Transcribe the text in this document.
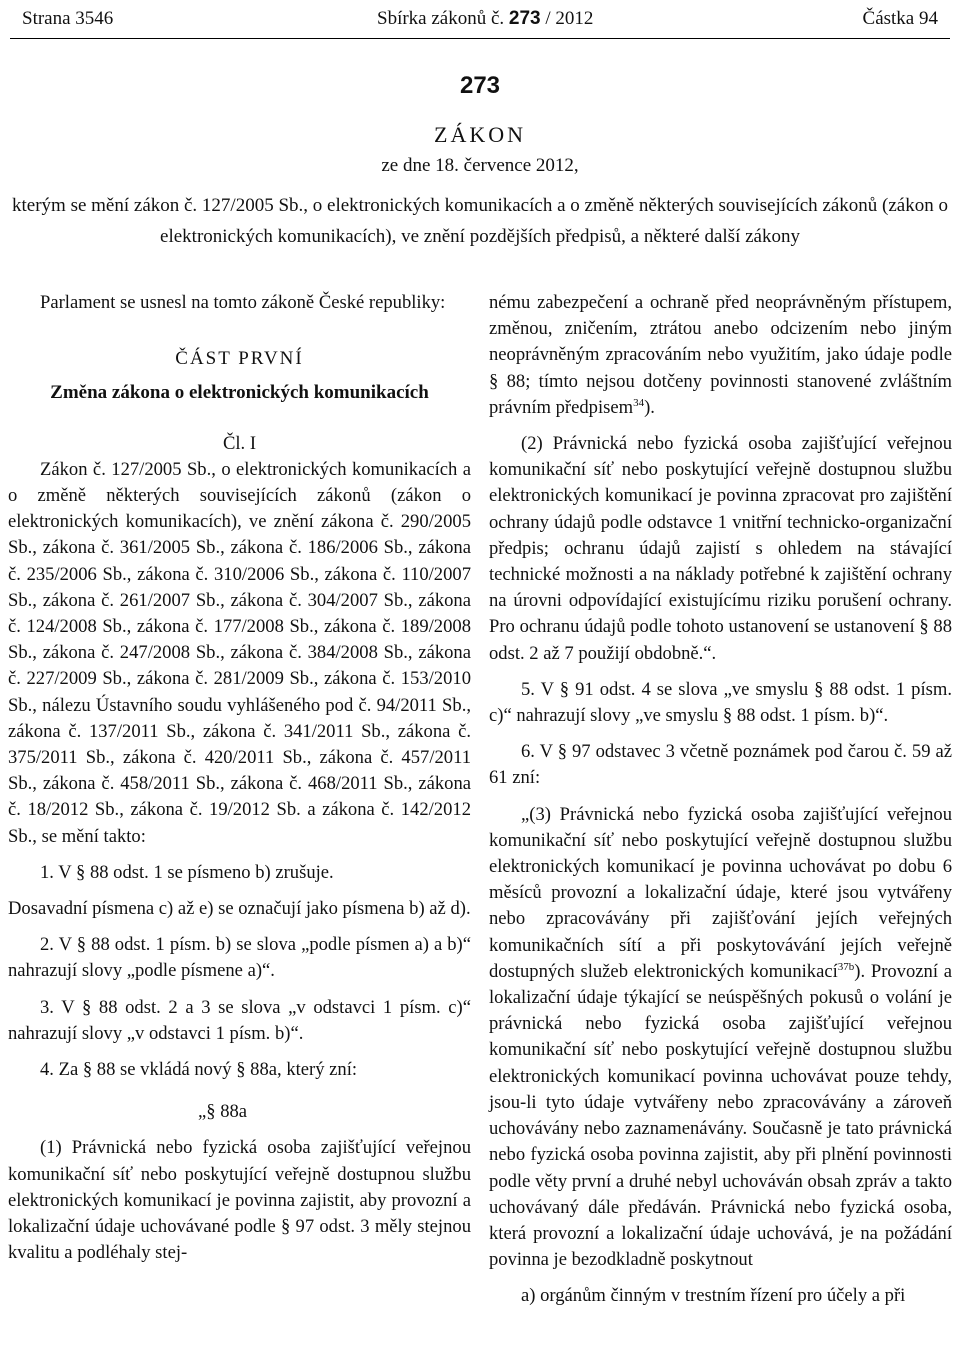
Strana 3546	Sbírka zákonů č. 273 / 2012	Částka 94
273
ZÁKON
ze dne 18. července 2012,
kterým se mění zákon č. 127/2005 Sb., o elektronických komunikacích a o změně některých souvisejících zákonů (zákon o elektronických komunikacích), ve znění pozdějších předpisů, a některé další zákony

Parlament se usnesl na tomto zákoně České republiky:

ČÁST PRVNÍ

Změna zákona o elektronických komunikacích

Čl. I

Zákon č. 127/2005 Sb., o elektronických komunikacích a o změně některých souvisejících zákonů (zákon o elektronických komunikacích), ve znění zákona č. 290/2005 Sb., zákona č. 361/2005 Sb., zákona č. 186/2006 Sb., zákona č. 235/2006 Sb., zákona č. 310/2006 Sb., zákona č. 110/2007 Sb., zákona č. 261/2007 Sb., zákona č. 304/2007 Sb., zákona č. 124/2008 Sb., zákona č. 177/2008 Sb., zákona č. 189/2008 Sb., zákona č. 247/2008 Sb., zákona č. 384/2008 Sb., zákona č. 227/2009 Sb., zákona č. 281/2009 Sb., zákona č. 153/2010 Sb., nálezu Ústavního soudu vyhlášeného pod č. 94/2011 Sb., zákona č. 137/2011 Sb., zákona č. 341/2011 Sb., zákona č. 375/2011 Sb., zákona č. 420/2011 Sb., zákona č. 457/2011 Sb., zákona č. 458/2011 Sb., zákona č. 468/2011 Sb., zákona č. 18/2012 Sb., zákona č. 19/2012 Sb. a zákona č. 142/2012 Sb., se mění takto:

1. V § 88 odst. 1 se písmeno b) zrušuje.

Dosavadní písmena c) až e) se označují jako písmena b) až d).

2. V § 88 odst. 1 písm. b) se slova „podle písmen a) a b)“ nahrazují slovy „podle písmene a)“.

3. V § 88 odst. 2 a 3 se slova „v odstavci 1 písm. c)“ nahrazují slovy „v odstavci 1 písm. b)“.

4. Za § 88 se vkládá nový § 88a, který zní:

„§ 88a

(1) Právnická nebo fyzická osoba zajišťující veřejnou komunikační síť nebo poskytující veřejně dostupnou službu elektronických komunikací je povinna zajistit, aby provozní a lokalizační údaje uchovávané podle § 97 odst. 3 měly stejnou kvalitu a podléhaly stej-

nému zabezpečení a ochraně před neoprávněným přístupem, změnou, zničením, ztrátou anebo odcizením nebo jiným neoprávněným zpracováním nebo využitím, jako údaje podle § 88; tímto nejsou dotčeny povinnosti stanovené zvláštním právním předpisem$^{34}$).

(2) Právnická nebo fyzická osoba zajišťující veřejnou komunikační síť nebo poskytující veřejně dostupnou službu elektronických komunikací je povinna zpracovat pro zajištění ochrany údajů podle odstavce 1 vnitřní technicko-organizační předpis; ochranu údajů zajistí s ohledem na stávající technické možnosti a na náklady potřebné k zajištění ochrany na úrovni odpovídající existujícímu riziku porušení ochrany. Pro ochranu údajů podle tohoto ustanovení se ustanovení § 88 odst. 2 až 7 použijí obdobně.“.

5. V § 91 odst. 4 se slova „ve smyslu § 88 odst. 1 písm. c)“ nahrazují slovy „ve smyslu § 88 odst. 1 písm. b)“.

6. V § 97 odstavec 3 včetně poznámek pod čarou č. 59 až 61 zní:

„(3) Právnická nebo fyzická osoba zajišťující veřejnou komunikační síť nebo poskytující veřejně dostupnou službu elektronických komunikací je povinna uchovávat po dobu 6 měsíců provozní a lokalizační údaje, které jsou vytvářeny nebo zpracovávány při zajišťování jejích veřejných komunikačních sítí a při poskytovávání jejích veřejně dostupných služeb elektronických komunikací$^{37b}$). Provozní a lokalizační údaje týkající se neúspěšných pokusů o volání je právnická nebo fyzická osoba zajišťující veřejnou komunikační síť nebo poskytující veřejně dostupnou službu elektronických komunikací povinna uchovávat pouze tehdy, jsou-li tyto údaje vytvářeny nebo zpracovávány a zároveň uchovávány nebo zaznamenávány. Současně je tato právnická nebo fyzická osoba povinna zajistit, aby při plnění povinnosti podle věty první a druhé nebyl uchováván obsah zpráv a takto uchovávaný dále předáván. Právnická nebo fyzická osoba, která provozní a lokalizační údaje uchovává, je na požádání povinna je bezodkladně poskytnout

a) orgánům činným v trestním řízení pro účely a při
